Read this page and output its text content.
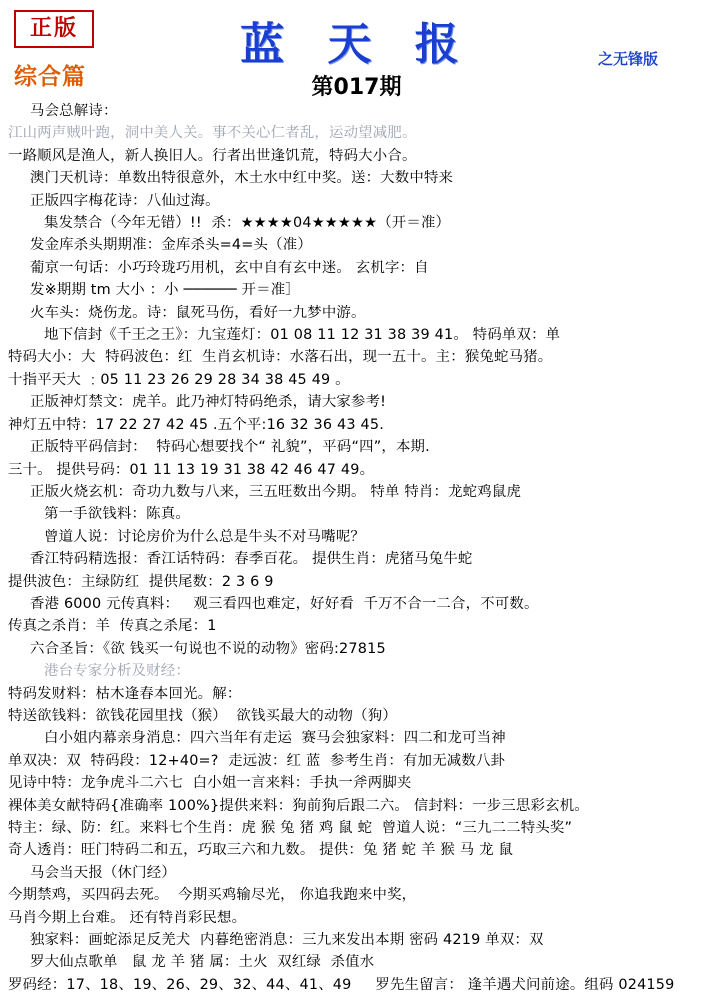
正版
综合篇
蓝 天 报	之无锋版
第017期
马会总解诗：
江山两声贼叶跑，洞中美人关。事不关心仁者乱，运动望减肥。
一路顺风是渔人，新人换旧人。行者出世逢饥荒，特码大小合。
澳门天机诗：单数出特很意外，木土水中红中奖。送：大数中特来
正版四字梅花诗：八仙过海。
集发禁合（今年无错）!!  杀：★★★★04★★★★★（开＝准）
发金库杀头期期准：金库杀头=4=头（准）
葡京一句话：小巧玲珑巧用机，玄中自有玄中迷。 玄机字：自
发※期期 tm 大小 ：小 ────── 开＝准］
火车头：烧伤龙。诗：鼠死马伤，看好一九梦中游。
地下信封《千王之王》：九宝莲灯：01 08 11 12 31 38 39 41。 特码单双：单
特码大小：大  特码波色：红  生肖玄机诗：水落石出，现一五十。主：猴兔蛇马猪。
十指平天大 ﹕05 11 23 26 29 28 34 38 45 49 。
正版神灯禁文：虎羊。此乃神灯特码绝杀，请大家参考!
神灯五中特：17 22 27 42 45 .五个平:16 32 36 43 45.
正版特平码信封：  特码心想要找个“ 礼貌”，平码“四”，本期.
三十。 提供号码：01 11 13 19 31 38 42 46 47 49。
正版火烧玄机：奇功九数与八来，三五旺数出今期。 特单 特肖：龙蛇鸡鼠虎
第一手欲钱料：陈真。
曾道人说：讨论房价为什么总是牛头不对马嘴呢？
香江特码精选报：香江话特码：春季百花。 提供生肖：虎猪马兔牛蛇
提供波色：主绿防红  提供尾数：2 3 6 9
香港 6000 元传真料：   观三看四也难定，好好看  千万不合一二合，不可数。
传真之杀肖：羊  传真之杀尾：1
六合圣旨：《欲 钱买一句说也不说的动物》密码:27815
港台专家分析及财经：
特码发财料：枯木逢春本回光。解：
特送欲钱料：欲钱花园里找（猴）  欲钱买最大的动物（狗）
白小姐内幕亲身消息：四六当年有走运  赛马会独家料：四二和龙可当神
单双决：双  特码段：12+40=?  走远波：红 蓝  参考生肖：有加无减数八卦
见诗中特：龙争虎斗二六七  白小姐一言来料：手执一斧两脚夹
裸体美女献特码{准确率 100%}提供来料：狗前狗后跟二六。 信封料：一步三思彩玄机。
特主：绿、防：红。来料七个生肖：虎 猴 兔 猪 鸡 鼠 蛇  曾道人说：“三九二二特头奖”
奇人透肖：旺门特码二和五，巧取三六和九数。 提供：兔 猪 蛇 羊 猴 马 龙 鼠
马会当天报（休门经）
今期禁鸡，买四码去死。  今期买鸡输尽光， 你追我跑来中奖，
马肖今期上台难。 还有特肖彩民想。
独家料：画蛇添足反羌犬  内暮绝密消息：三九来发出本期 密码 4219 单双：双
罗大仙点歌单   鼠 龙 羊 猪 属：土火  双红绿  杀值水
罗码经：17、18、19、26、29、32、44、41、49     罗先生留言： 逢羊遇犬问前途。组码 024159
